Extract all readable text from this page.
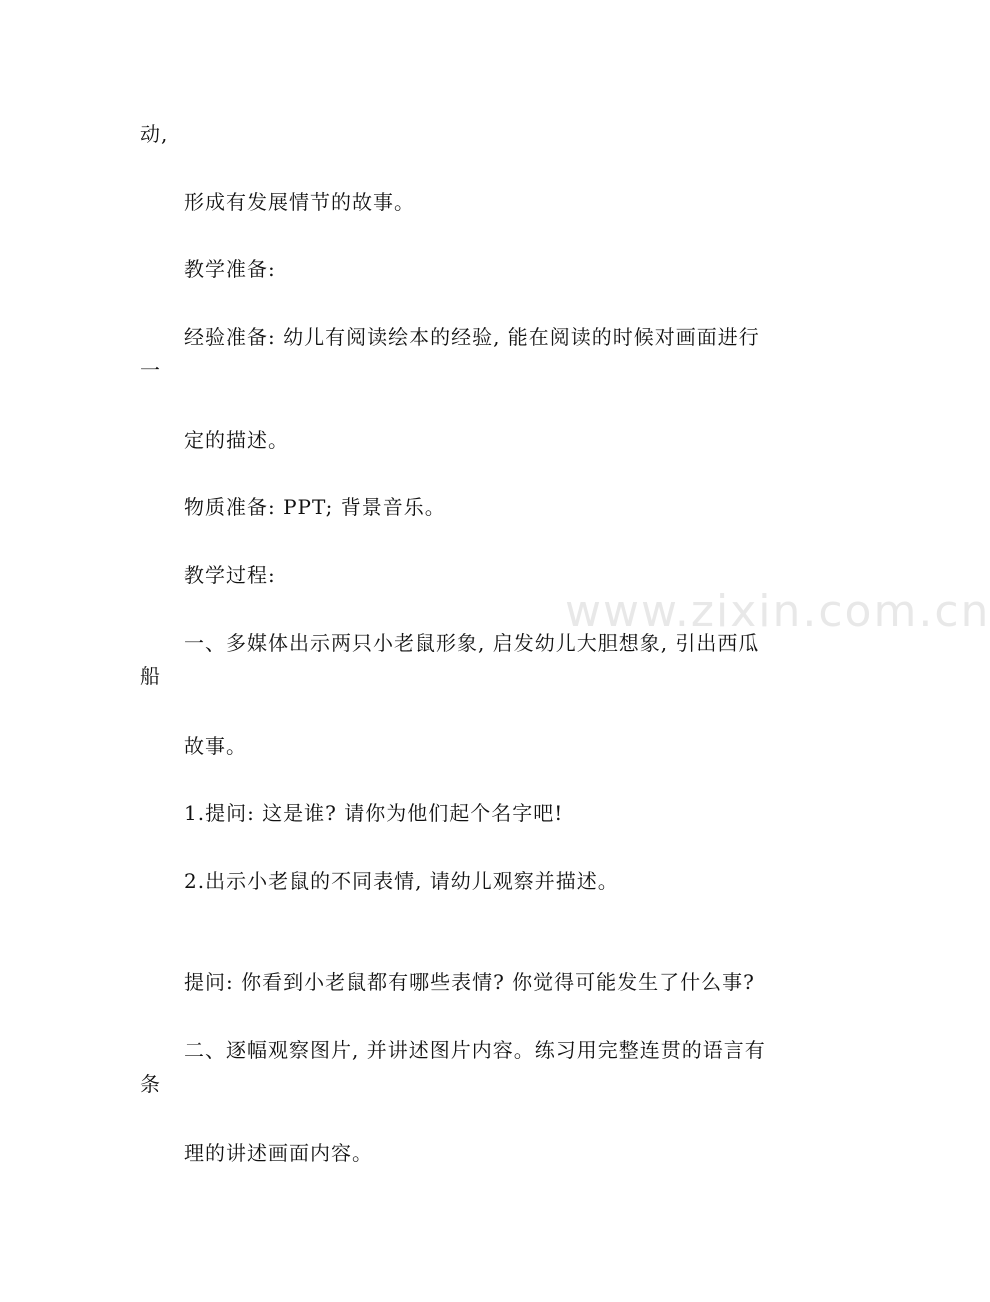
www.zixin.com.cn
动,
形成有发展情节的故事。
教学准备:
经验准备: 幼儿有阅读绘本的经验, 能在阅读的时候对画面进行
一
定的描述。
物质准备: PPT; 背景音乐。
教学过程:
一、多媒体出示两只小老鼠形象, 启发幼儿大胆想象, 引出西瓜
船
故事。
1.提问: 这是谁? 请你为他们起个名字吧!
2.出示小老鼠的不同表情, 请幼儿观察并描述。
提问: 你看到小老鼠都有哪些表情? 你觉得可能发生了什么事?
二、逐幅观察图片, 并讲述图片内容。练习用完整连贯的语言有
条
理的讲述画面内容。
